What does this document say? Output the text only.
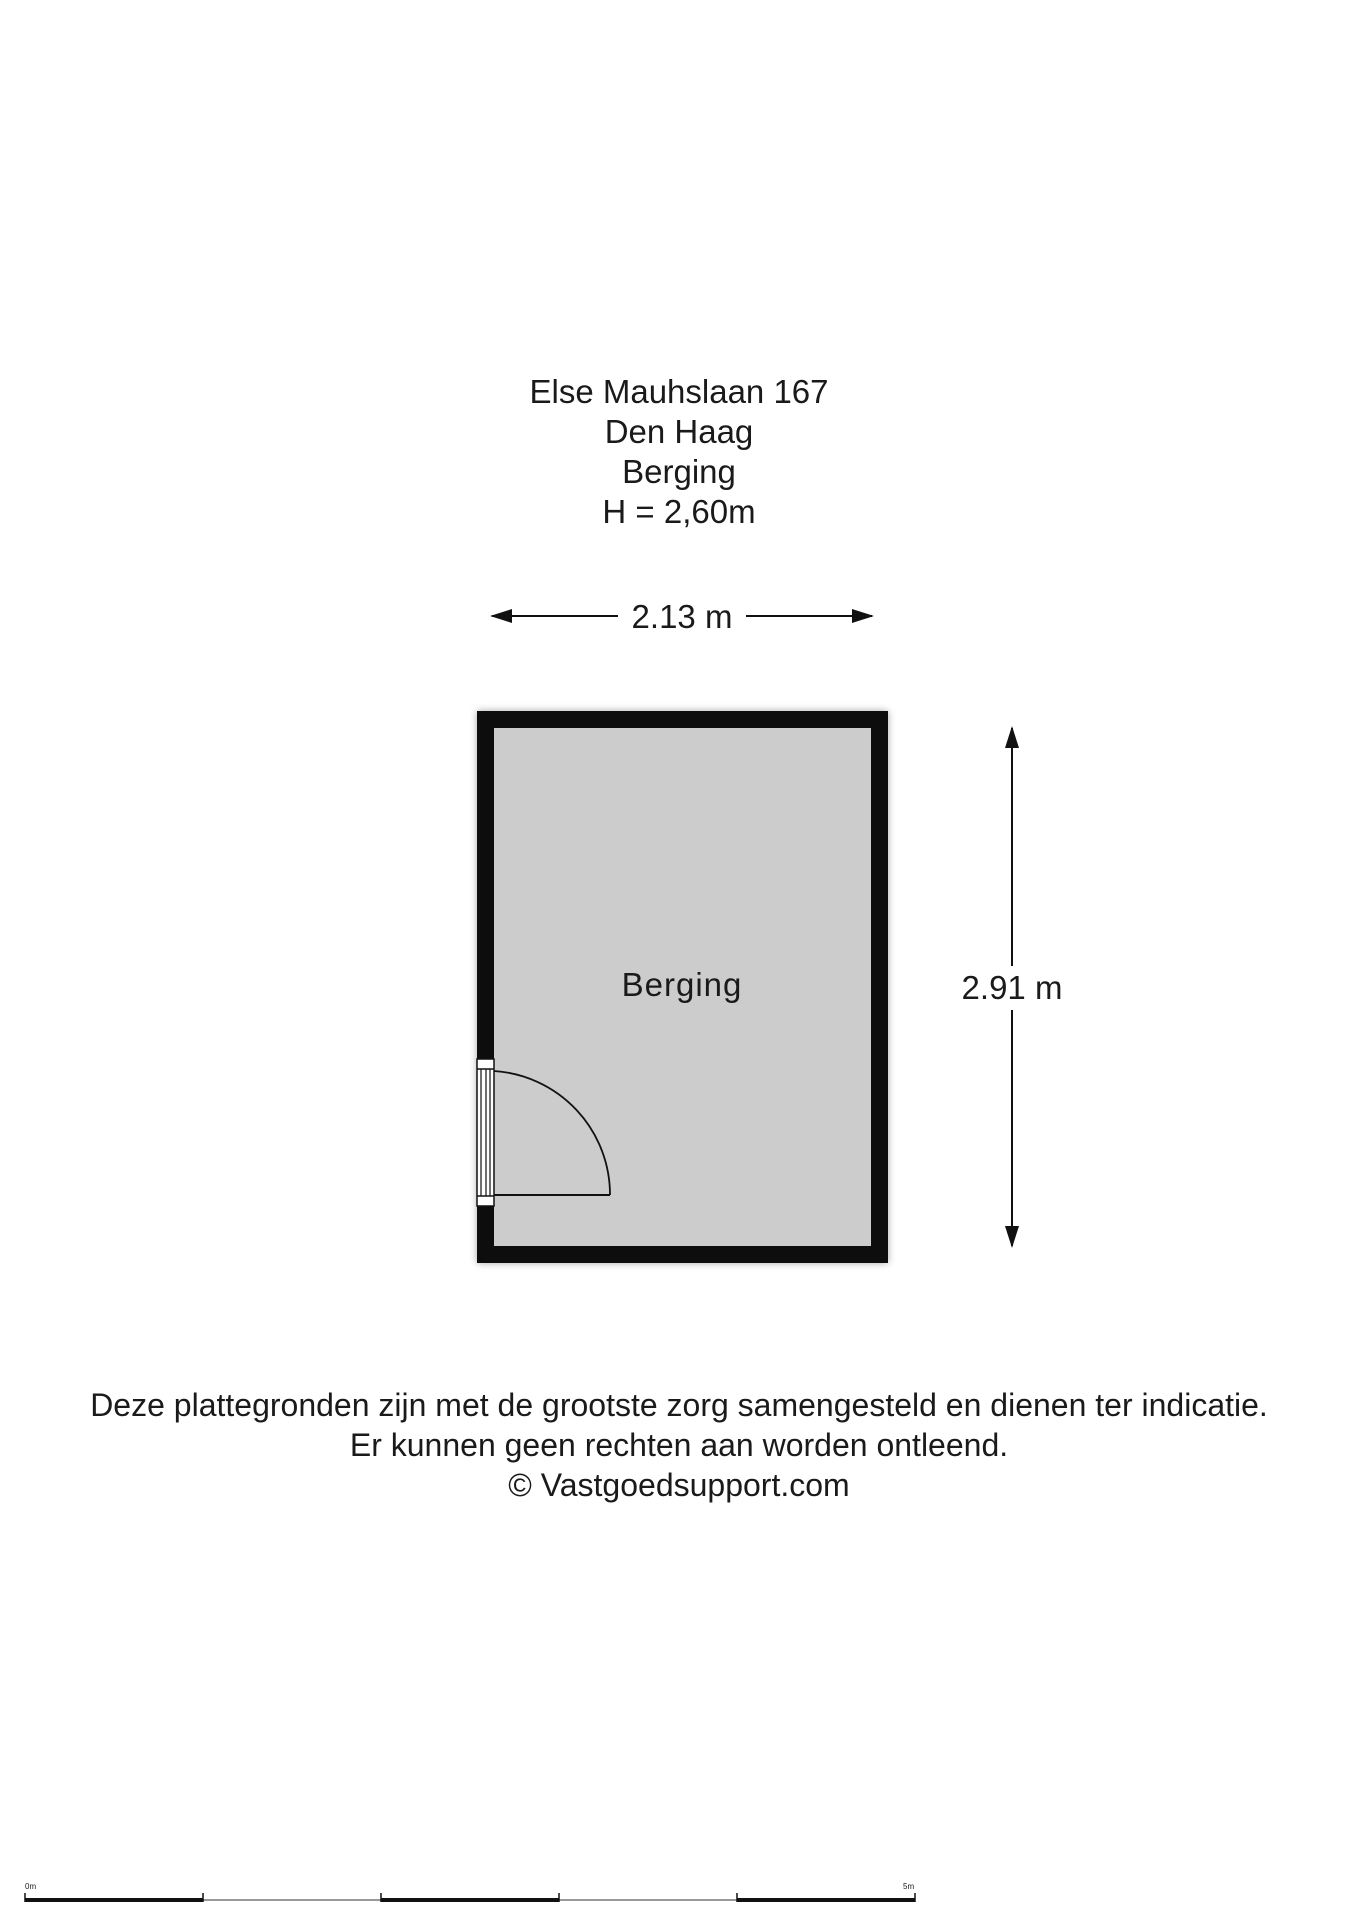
Else Mauhslaan 167
Den Haag
Berging
H = 2,60m
2.13 m
Berging	2.91 m
0m	5m
Deze plattegronden zijn met de grootste zorg samengesteld en dienen ter indicatie.
Er kunnen geen rechten aan worden ontleend.
© Vastgoedsupport.com
